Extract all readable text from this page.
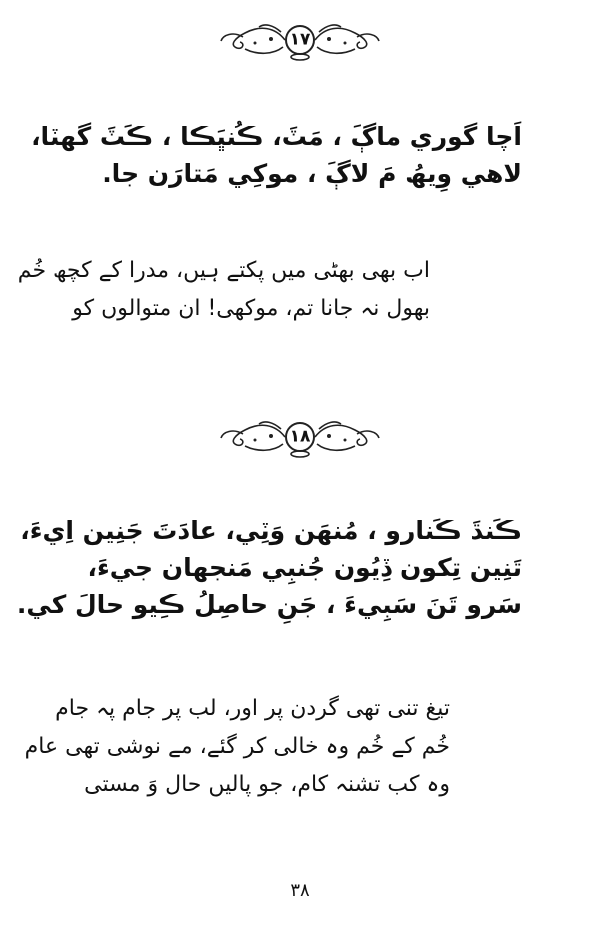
١٧
اَچا گوري ماڳَ ، مَٽَ، ڪُنڀَڪا ، ڪَٽَ گھٽا،
لاهي وِيھُ مَ لاڳَ ، موکِي مَتارَن جا.
اب بھی بھٹی میں پکتے ہیں، مدرا کے کچھ خُم
بھول نہ جانا تم، موکھی! ان متوالوں کو
١٨
ڪَنڌَ ڪَنارو ، مُنھَن وَٽِي، عادَتَ جَنِين اِيءَ،
تَنِين تِکون ڏِيُون جُنبِي مَنجھان جيءَ،
سَرو تَنَ سَبِيءَ ، جَنِ حاصِلُ ڪِيو حالَ کي.
تیغ تنی تھی گردن پر اور، لب پر جام پہ جام
خُم کے خُم وہ خالی کر گئے، مے نوشی تھی عام
وہ کب تشنہ کام، جو پالیں حال وَ مستی
٣٨
